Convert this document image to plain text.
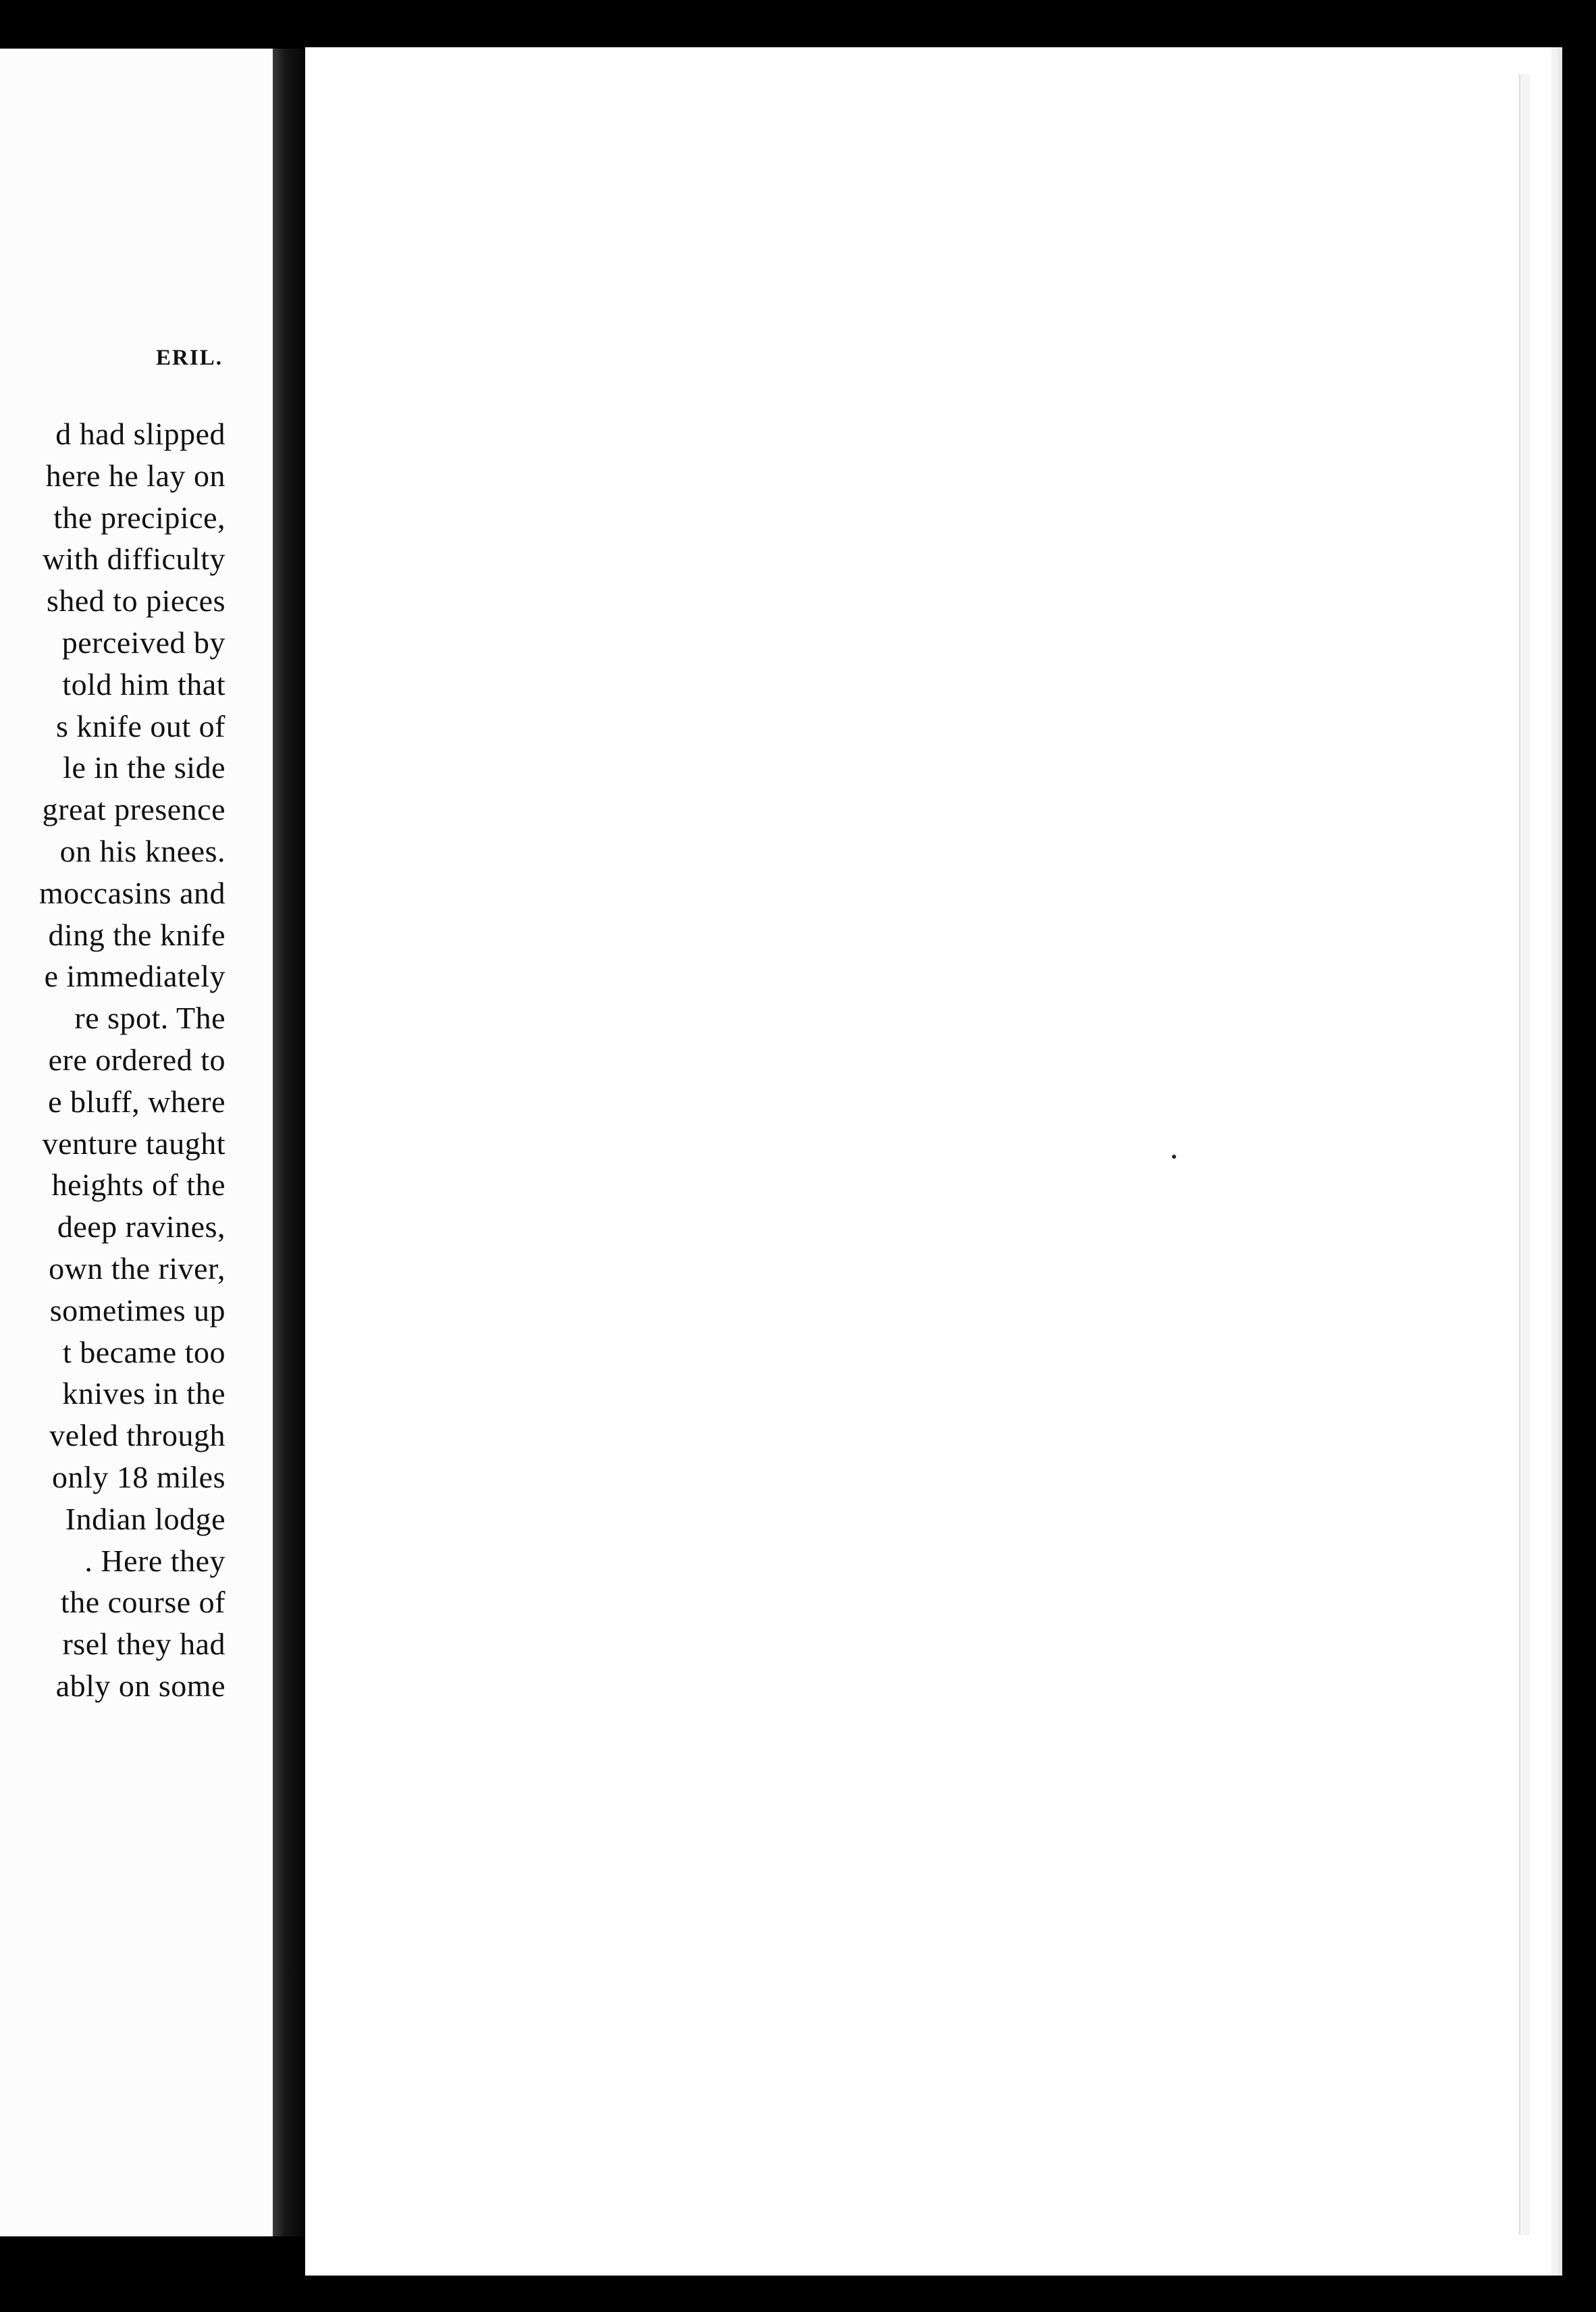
ERIL.
d had slipped
here he lay on
the precipice,
with difficulty
shed to pieces
perceived by
told him that
s knife out of
le in the side
great presence
on his knees.
moccasins and
ding the knife
e immediately
re spot. The
ere ordered to
e bluff, where
venture taught
heights of the
deep ravines,
own the river,
sometimes up
t became too
knives in the
veled through
only 18 miles
Indian lodge
. Here they
the course of
rsel they had
ably on some
